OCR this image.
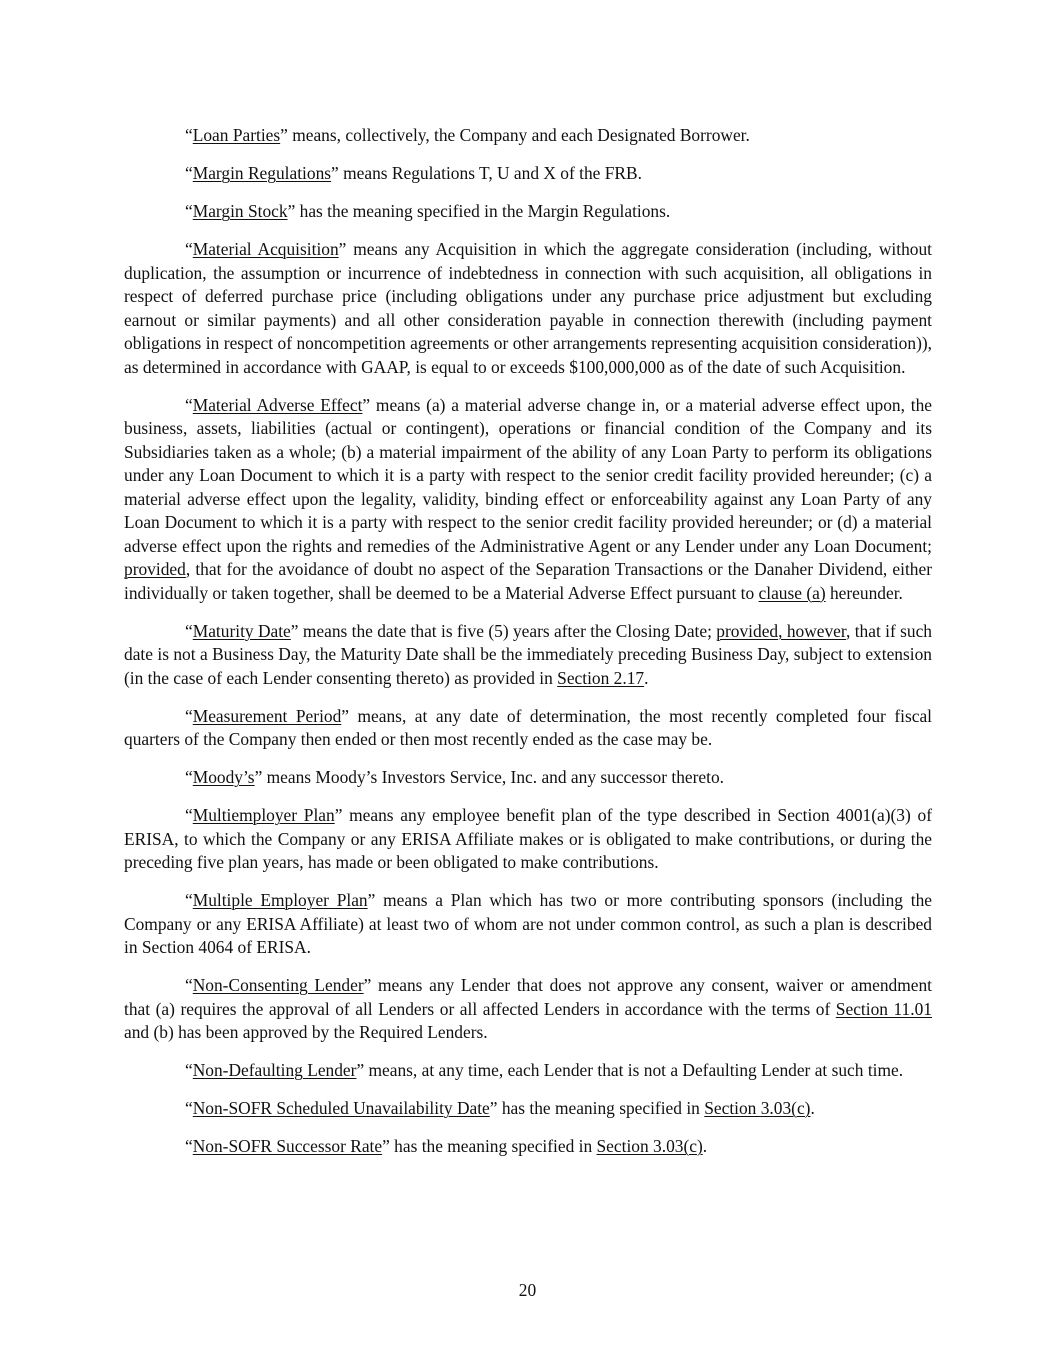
“Loan Parties” means, collectively, the Company and each Designated Borrower.

“Margin Regulations” means Regulations T, U and X of the FRB.

“Margin Stock” has the meaning specified in the Margin Regulations.

“Material Acquisition” means any Acquisition in which the aggregate consideration (including, without duplication, the assumption or incurrence of indebtedness in connection with such acquisition, all obligations in respect of deferred purchase price (including obligations under any purchase price adjustment but excluding earnout or similar payments) and all other consideration payable in connection therewith (including payment obligations in respect of noncompetition agreements or other arrangements representing acquisition consideration)), as determined in accordance with GAAP, is equal to or exceeds $100,000,000 as of the date of such Acquisition.

“Material Adverse Effect” means (a) a material adverse change in, or a material adverse effect upon, the business, assets, liabilities (actual or contingent), operations or financial condition of the Company and its Subsidiaries taken as a whole; (b) a material impairment of the ability of any Loan Party to perform its obligations under any Loan Document to which it is a party with respect to the senior credit facility provided hereunder; (c) a material adverse effect upon the legality, validity, binding effect or enforceability against any Loan Party of any Loan Document to which it is a party with respect to the senior credit facility provided hereunder; or (d) a material adverse effect upon the rights and remedies of the Administrative Agent or any Lender under any Loan Document; provided, that for the avoidance of doubt no aspect of the Separation Transactions or the Danaher Dividend, either individually or taken together, shall be deemed to be a Material Adverse Effect pursuant to clause (a) hereunder.

“Maturity Date” means the date that is five (5) years after the Closing Date; provided, however, that if such date is not a Business Day, the Maturity Date shall be the immediately preceding Business Day, subject to extension (in the case of each Lender consenting thereto) as provided in Section 2.17.

“Measurement Period” means, at any date of determination, the most recently completed four fiscal quarters of the Company then ended or then most recently ended as the case may be.

“Moody’s” means Moody’s Investors Service, Inc. and any successor thereto.

“Multiemployer Plan” means any employee benefit plan of the type described in Section 4001(a)(3) of ERISA, to which the Company or any ERISA Affiliate makes or is obligated to make contributions, or during the preceding five plan years, has made or been obligated to make contributions.

“Multiple Employer Plan” means a Plan which has two or more contributing sponsors (including the Company or any ERISA Affiliate) at least two of whom are not under common control, as such a plan is described in Section 4064 of ERISA.

“Non-Consenting Lender” means any Lender that does not approve any consent, waiver or amendment that (a) requires the approval of all Lenders or all affected Lenders in accordance with the terms of Section 11.01 and (b) has been approved by the Required Lenders.

“Non-Defaulting Lender” means, at any time, each Lender that is not a Defaulting Lender at such time.

“Non-SOFR Scheduled Unavailability Date” has the meaning specified in Section 3.03(c).

“Non-SOFR Successor Rate” has the meaning specified in Section 3.03(c).

20
